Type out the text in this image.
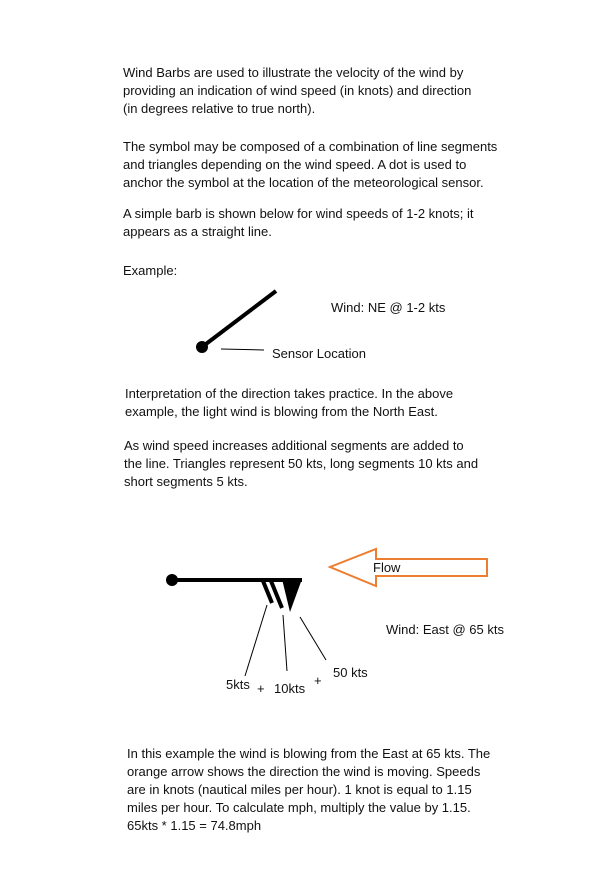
Wind Barbs are used to illustrate the velocity of the wind by
providing an indication of wind speed (in knots) and direction
(in degrees relative to true north).

The symbol may be composed of a combination of line segments
and triangles depending on the wind speed. A dot is used to
anchor the symbol at the location of the meteorological sensor.

A simple barb is shown below for wind speeds of 1-2 knots; it
appears as a straight line.

Example:

Wind: NE @ 1-2 kts

Sensor Location

Interpretation of the direction takes practice. In the above
example, the light wind is blowing from the North East.

As wind speed increases additional segments are added to
the line. Triangles represent 50 kts, long segments 10 kts and
short segments 5 kts.

Flow

Wind: East @ 65 kts

50 kts

+

5kts + 10kts

In this example the wind is blowing from the East at 65 kts. The
orange arrow shows the direction the wind is moving. Speeds
are in knots (nautical miles per hour). 1 knot is equal to 1.15
miles per hour. To calculate mph, multiply the value by 1.15.
65kts * 1.15 = 74.8mph
